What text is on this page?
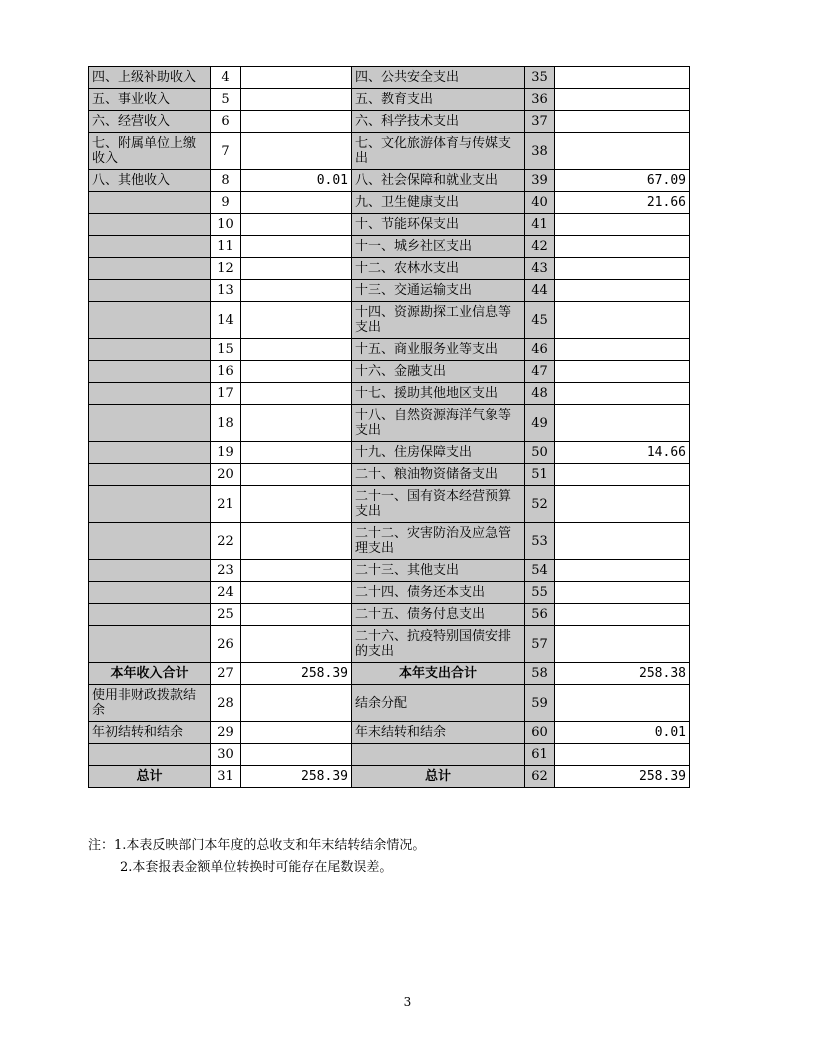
四、上级补助收入	4		四、公共安全支出	35	
五、事业收入	5		五、教育支出	36	
六、经营收入	6		六、科学技术支出	37	
七、附属单位上缴收入	7		七、文化旅游体育与传媒支出	38	
八、其他收入	8	0.01	八、社会保障和就业支出	39	67.09
	9		九、卫生健康支出	40	21.66
	10		十、节能环保支出	41	
	11		十一、城乡社区支出	42	
	12		十二、农林水支出	43	
	13		十三、交通运输支出	44	
	14		十四、资源勘探工业信息等支出	45	
	15		十五、商业服务业等支出	46	
	16		十六、金融支出	47	
	17		十七、援助其他地区支出	48	
	18		十八、自然资源海洋气象等支出	49	
	19		十九、住房保障支出	50	14.66
	20		二十、粮油物资储备支出	51	
	21		二十一、国有资本经营预算支出	52	
	22		二十二、灾害防治及应急管理支出	53	
	23		二十三、其他支出	54	
	24		二十四、债务还本支出	55	
	25		二十五、债务付息支出	56	
	26		二十六、抗疫特别国债安排的支出	57	
本年收入合计	27	258.39	本年支出合计	58	258.38
使用非财政拨款结余	28		结余分配	59	
年初结转和结余	29		年末结转和结余	60	0.01
	30			61	
总计	31	258.39	总计	62	258.39
注：1.本表反映部门本年度的总收支和年末结转结余情况。
2.本套报表金额单位转换时可能存在尾数误差。
3
